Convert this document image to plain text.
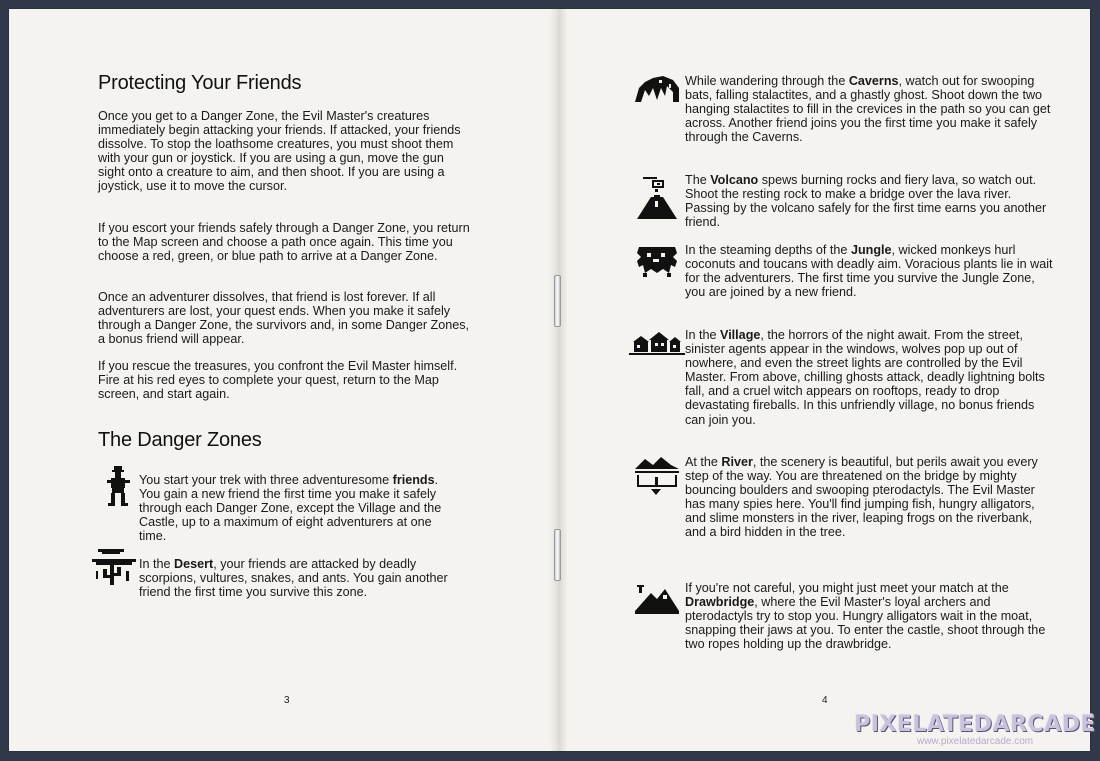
Protecting Your Friends

Once you get to a Danger Zone, the Evil Master's creatures immediately begin attacking your friends. If attacked, your friends dissolve. To stop the loathsome creatures, you must shoot them with your gun or joystick. If you are using a gun, move the gun sight onto a creature to aim, and then shoot. If you are using a joystick, use it to move the cursor.

If you escort your friends safely through a Danger Zone, you return to the Map screen and choose a path once again. This time you choose a red, green, or blue path to arrive at a Danger Zone.

Once an adventurer dissolves, that friend is lost forever. If all adventurers are lost, your quest ends. When you make it safely through a Danger Zone, the survivors and, in some Danger Zones, a bonus friend will appear.

If you rescue the treasures, you confront the Evil Master himself. Fire at his red eyes to complete your quest, return to the Map screen, and start again.

The Danger Zones

You start your trek with three adventuresome friends. You gain a new friend the first time you make it safely through each Danger Zone, except the Village and the Castle, up to a maximum of eight adventurers at one time.

In the Desert, your friends are attacked by deadly scorpions, vultures, snakes, and ants. You gain another friend the first time you survive this zone.

3

While wandering through the Caverns, watch out for swooping bats, falling stalactites, and a ghastly ghost. Shoot down the two hanging stalactites to fill in the crevices in the path so you can get across. Another friend joins you the first time you make it safely through the Caverns.

The Volcano spews burning rocks and fiery lava, so watch out. Shoot the resting rock to make a bridge over the lava river. Passing by the volcano safely for the first time earns you another friend.

In the steaming depths of the Jungle, wicked monkeys hurl coconuts and toucans with deadly aim. Voracious plants lie in wait for the adventurers. The first time you survive the Jungle Zone, you are joined by a new friend.

In the Village, the horrors of the night await. From the street, sinister agents appear in the windows, wolves pop up out of nowhere, and even the street lights are controlled by the Evil Master. From above, chilling ghosts attack, deadly lightning bolts fall, and a cruel witch appears on rooftops, ready to drop devastating fireballs. In this unfriendly village, no bonus friends can join you.

At the River, the scenery is beautiful, but perils await you every step of the way. You are threatened on the bridge by mighty bouncing boulders and swooping pterodactyls. The Evil Master has many spies here. You'll find jumping fish, hungry alligators, and slime monsters in the river, leaping frogs on the riverbank, and a bird hidden in the tree.

If you're not careful, you might just meet your match at the Drawbridge, where the Evil Master's loyal archers and pterodactyls try to stop you. Hungry alligators wait in the moat, snapping their jaws at you. To enter the castle, shoot through the two ropes holding up the drawbridge.

4
PIXELATEDARCADE
www.pixelatedarcade.com
